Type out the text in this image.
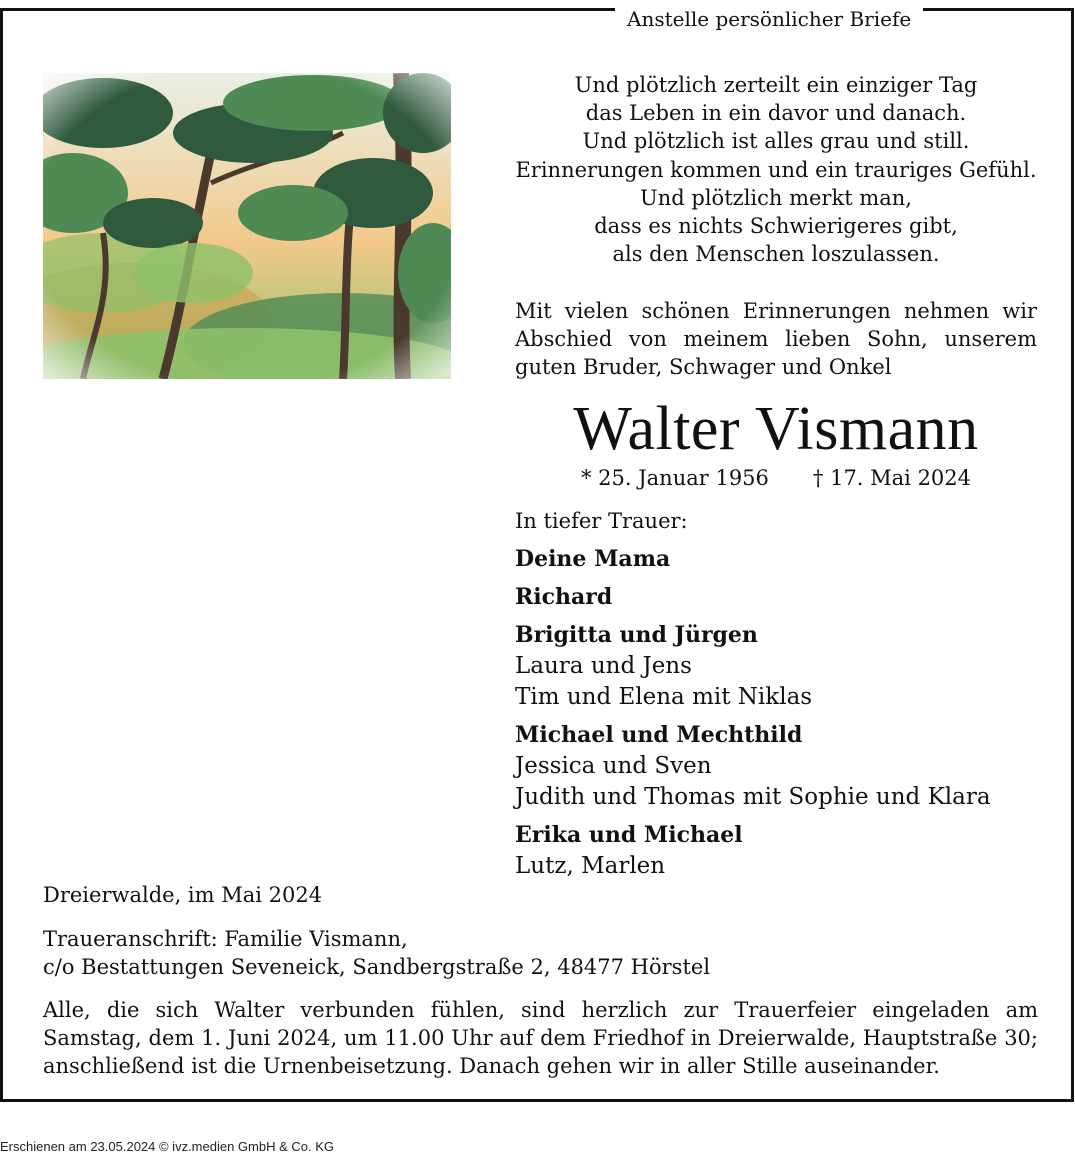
Anstelle persönlicher Briefe
Und plötzlich zerteilt ein einziger Tag
das Leben in ein davor und danach.
Und plötzlich ist alles grau und still.
Erinnerungen kommen und ein trauriges Gefühl.
Und plötzlich merkt man,
dass es nichts Schwierigeres gibt,
als den Menschen loszulassen.
Mit vielen schönen Erinnerungen nehmen wir Abschied von meinem lieben Sohn, unserem guten Bruder, Schwager und Onkel
Walter Vismann
* 25. Januar 1956 † 17. Mai 2024
In tiefer Trauer:
Deine Mama
Richard
Brigitta und Jürgen
Laura und Jens
Tim und Elena mit Niklas
Michael und Mechthild
Jessica und Sven
Judith und Thomas mit Sophie und Klara
Erika und Michael
Lutz, Marlen
Dreierwalde, im Mai 2024
Traueranschrift: Familie Vismann,
c/o Bestattungen Seveneick, Sandbergstraße 2, 48477 Hörstel
Alle, die sich Walter verbunden fühlen, sind herzlich zur Trauerfeier eingeladen am Samstag, dem 1. Juni 2024, um 11.00 Uhr auf dem Friedhof in Dreierwalde, Hauptstraße 30; anschließend ist die Urnenbeisetzung. Danach gehen wir in aller Stille auseinander.
Erschienen am 23.05.2024 © ivz.medien GmbH & Co. KG
